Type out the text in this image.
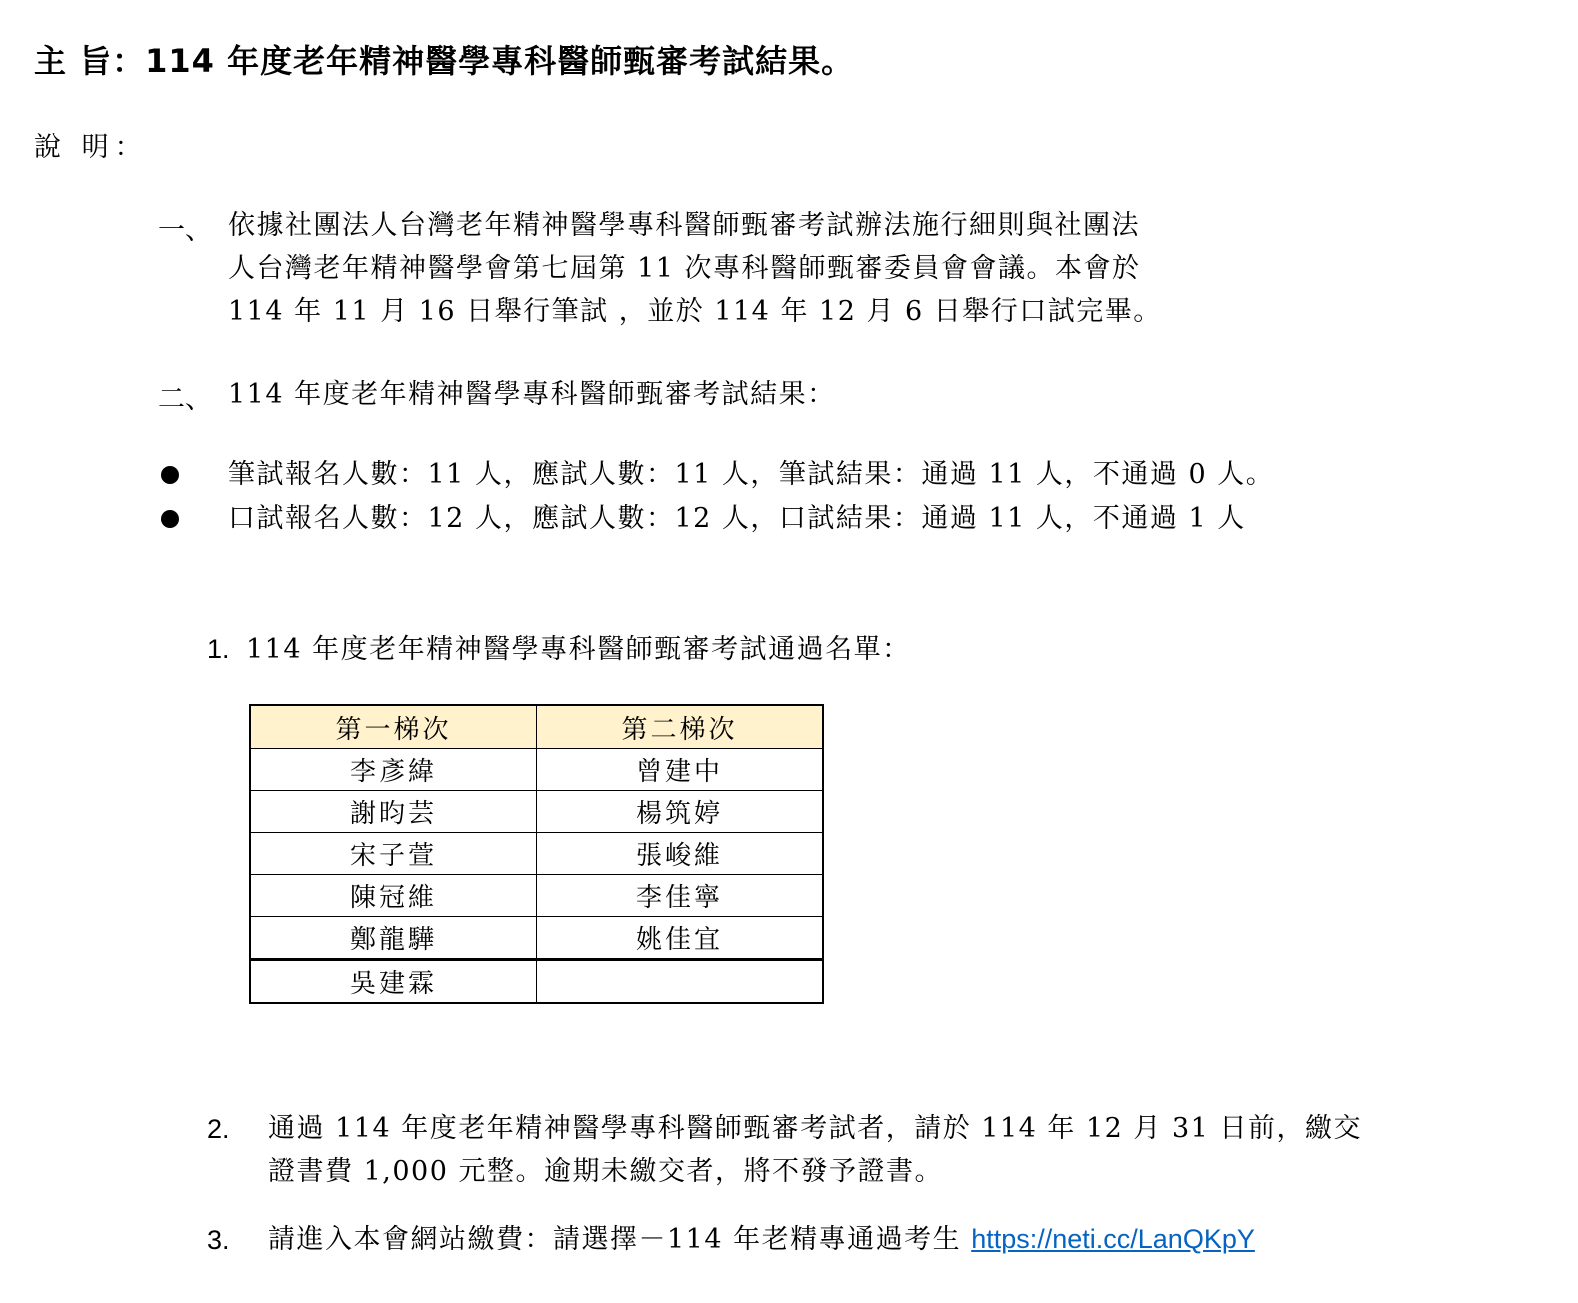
主 旨：114 年度老年精神醫學專科醫師甄審考試結果。
說 明：
一、 依據社團法人台灣老年精神醫學專科醫師甄審考試辦法施行細則與社團法
人台灣老年精神醫學會第七屆第 11 次專科醫師甄審委員會會議。本會於
114 年 11 月 16 日舉行筆試 ，並於 114 年 12 月 6 日舉行口試完畢。
二、 114 年度老年精神醫學專科醫師甄審考試結果：
筆試報名人數：11 人，應試人數：11 人，筆試結果：通過 11 人，不通過 0 人。
口試報名人數：12 人，應試人數：12 人，口試結果：通過 11 人，不通過 1 人
1. 114 年度老年精神醫學專科醫師甄審考試通過名單：
第一梯次	第二梯次
李彥緯	曾建中
謝昀芸	楊筑婷
宋子萱	張峻維
陳冠維	李佳寧
鄭龍驊	姚佳宜
吳建霖	
2. 通過 114 年度老年精神醫學專科醫師甄審考試者，請於 114 年 12 月 31 日前，繳交
證書費 1,000 元整。逾期未繳交者，將不發予證書。
3. 請進入本會網站繳費：請選擇－114 年老精專通過考生 https://neti.cc/LanQKpY
